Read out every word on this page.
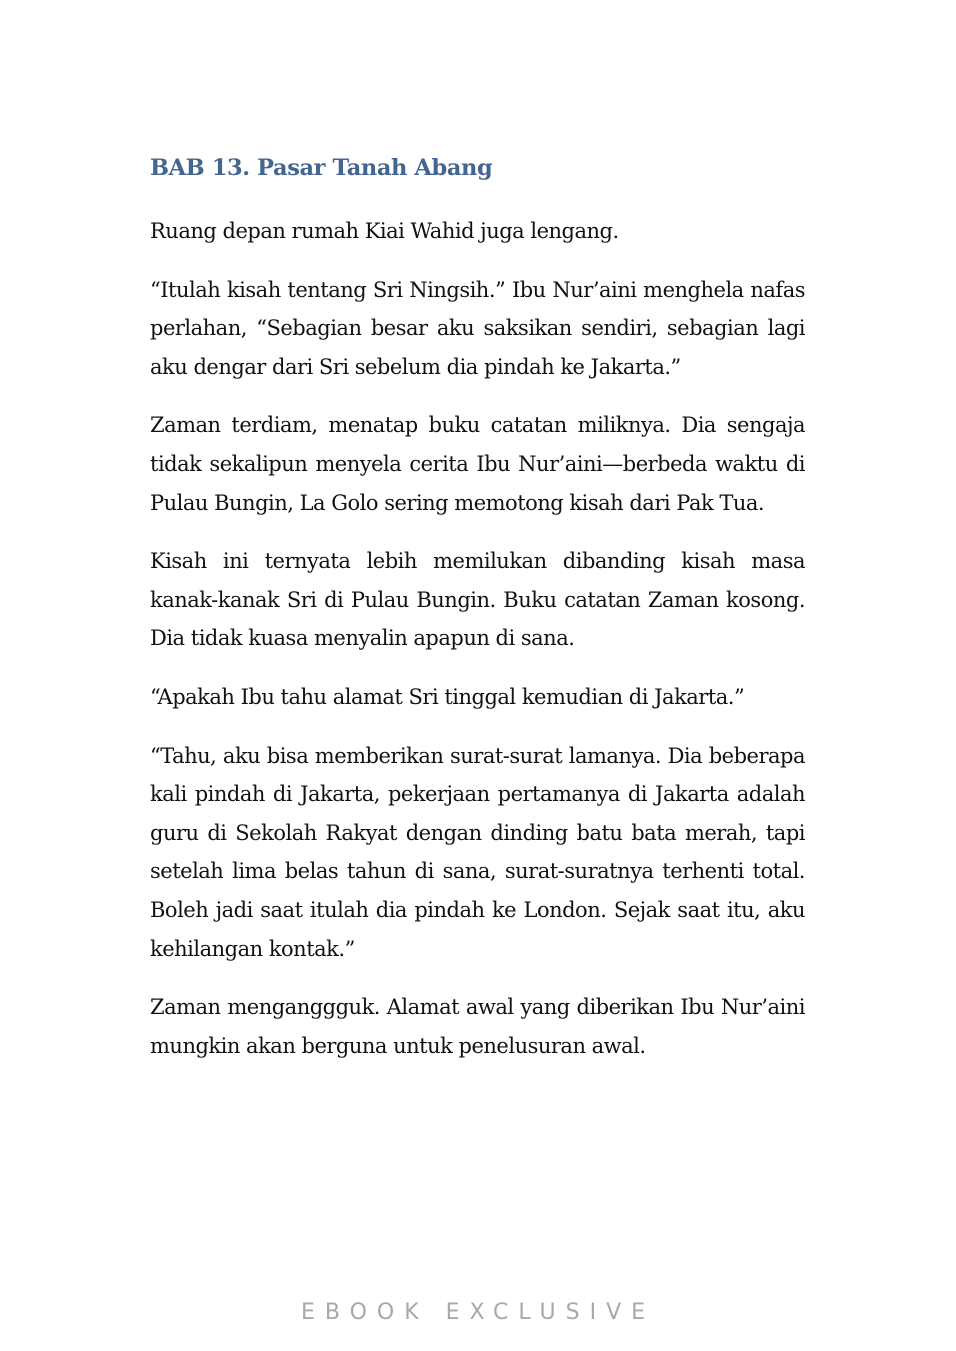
BAB 13. Pasar Tanah Abang

Ruang depan rumah Kiai Wahid juga lengang.

“Itulah kisah tentang Sri Ningsih.” Ibu Nur’aini menghela nafas perlahan, “Sebagian besar aku saksikan sendiri, sebagian lagi aku dengar dari Sri sebelum dia pindah ke Jakarta.”

Zaman terdiam, menatap buku catatan miliknya. Dia sengaja tidak sekalipun menyela cerita Ibu Nur’aini—berbeda waktu di Pulau Bungin, La Golo sering memotong kisah dari Pak Tua.

Kisah ini ternyata lebih memilukan dibanding kisah masa kanak-kanak Sri di Pulau Bungin. Buku catatan Zaman kosong. Dia tidak kuasa menyalin apapun di sana.

“Apakah Ibu tahu alamat Sri tinggal kemudian di Jakarta.”

“Tahu, aku bisa memberikan surat-surat lamanya. Dia beberapa kali pindah di Jakarta, pekerjaan pertamanya di Jakarta adalah guru di Sekolah Rakyat dengan dinding batu bata merah, tapi setelah lima belas tahun di sana, surat-suratnya terhenti total. Boleh jadi saat itulah dia pindah ke London. Sejak saat itu, aku kehilangan kontak.”

Zaman menganggguk. Alamat awal yang diberikan Ibu Nur’aini mungkin akan berguna untuk penelusuran awal.

EBOOK EXCLUSIVE
